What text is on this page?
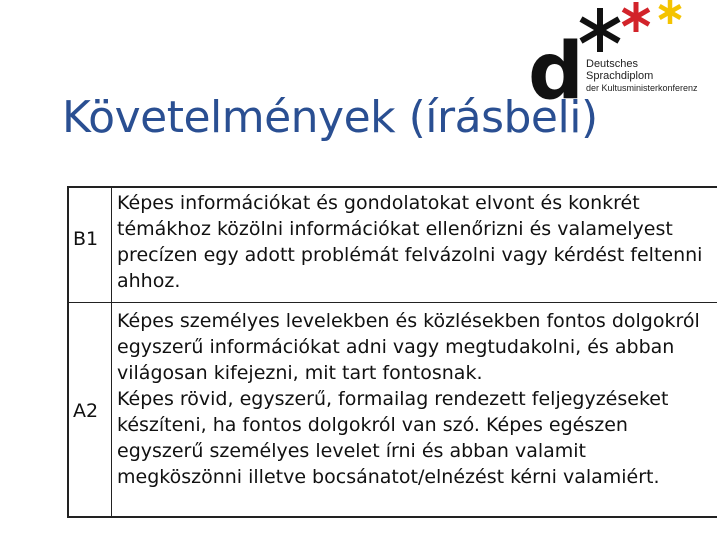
d Deutsches
Sprachdiplom
der Kultusministerkonferenz
Követelmények (írásbeli)
B1

Képes információkat és gondolatokat elvont és konkrét témákhoz közölni információkat ellenőrizni és valamelyest precízen egy adott problémát felvázolni vagy kérdést feltenni ahhoz.

A2

Képes személyes levelekben és közlésekben fontos dolgokról egyszerű információkat adni vagy megtudakolni, és abban világosan kifejezni, mit tart fontosnak.

Képes rövid, egyszerű, formailag rendezett feljegyzéseket készíteni, ha fontos dolgokról van szó. Képes egészen egyszerű személyes levelet írni és abban valamit megköszönni illetve bocsánatot/elnézést kérni valamiért.
